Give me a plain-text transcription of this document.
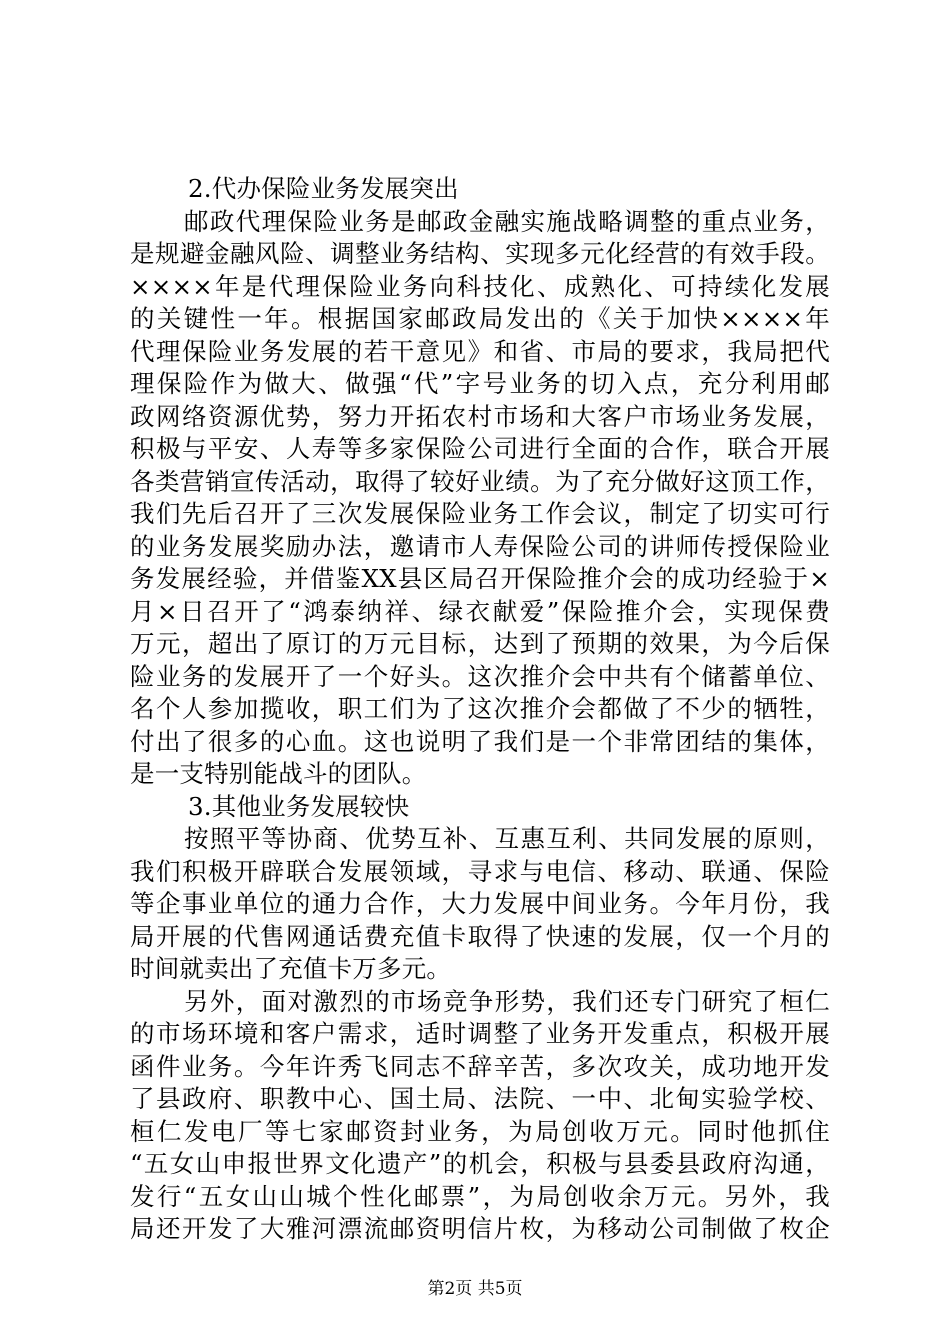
2.代办保险业务发展突出
邮政代理保险业务是邮政金融实施战略调整的重点业务，
是规避金融风险、调整业务结构、实现多元化经营的有效手段。
××××年是代理保险业务向科技化、成熟化、可持续化发展
的关键性一年。根据国家邮政局发出的《关于加快××××年
代理保险业务发展的若干意见》和省、市局的要求，我局把代
理保险作为做大、做强“代”字号业务的切入点，充分利用邮
政网络资源优势，努力开拓农村市场和大客户市场业务发展，
积极与平安、人寿等多家保险公司进行全面的合作，联合开展
各类营销宣传活动，取得了较好业绩。为了充分做好这顶工作，
我们先后召开了三次发展保险业务工作会议，制定了切实可行
的业务发展奖励办法，邀请市人寿保险公司的讲师传授保险业
务发展经验，并借鉴XX县区局召开保险推介会的成功经验于×
月×日召开了“鸿泰纳祥、绿衣献爱”保险推介会，实现保费
万元，超出了原订的万元目标，达到了预期的效果，为今后保
险业务的发展开了一个好头。这次推介会中共有个储蓄单位、
名个人参加揽收，职工们为了这次推介会都做了不少的牺牲，
付出了很多的心血。这也说明了我们是一个非常团结的集体，
是一支特别能战斗的团队。
3.其他业务发展较快
按照平等协商、优势互补、互惠互利、共同发展的原则，
我们积极开辟联合发展领域，寻求与电信、移动、联通、保险
等企事业单位的通力合作，大力发展中间业务。今年月份，我
局开展的代售网通话费充值卡取得了快速的发展，仅一个月的
时间就卖出了充值卡万多元。
另外，面对激烈的市场竞争形势，我们还专门研究了桓仁
的市场环境和客户需求，适时调整了业务开发重点，积极开展
函件业务。今年许秀飞同志不辞辛苦，多次攻关，成功地开发
了县政府、职教中心、国土局、法院、一中、北甸实验学校、
桓仁发电厂等七家邮资封业务，为局创收万元。同时他抓住
“五女山申报世界文化遗产”的机会，积极与县委县政府沟通，
发行“五女山山城个性化邮票”，为局创收余万元。另外，我
局还开发了大雅河漂流邮资明信片枚，为移动公司制做了枚企
第2页 共5页
